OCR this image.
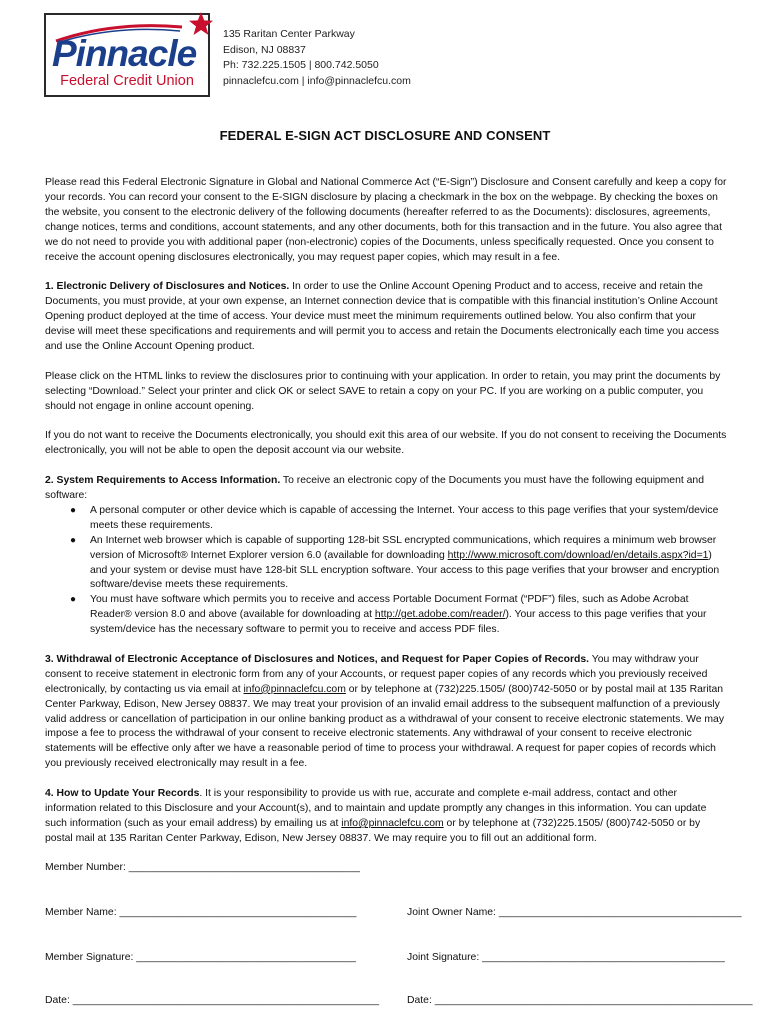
Pinnacle
Federal Credit Union
135 Raritan Center Parkway
Edison, NJ 08837
Ph: 732.225.1505 | 800.742.5050
pinnaclefcu.com | info@pinnaclefcu.com
FEDERAL E-SIGN ACT DISCLOSURE AND CONSENT

Please read this Federal Electronic Signature in Global and National Commerce Act (“E-Sign”) Disclosure and Consent carefully and keep a copy for your records. You can record your consent to the E-SIGN disclosure by placing a checkmark in the box on the webpage. By checking the boxes on the website, you consent to the electronic delivery of the following documents (hereafter referred to as the Documents): disclosures, agreements, change notices, terms and conditions, account statements, and any other documents, both for this transaction and in the future. You also agree that we do not need to provide you with additional paper (non-electronic) copies of the Documents, unless specifically requested. Once you consent to receive the account opening disclosures electronically, you may request paper copies, which may result in a fee.

1. Electronic Delivery of Disclosures and Notices. In order to use the Online Account Opening Product and to access, receive and retain the Documents, you must provide, at your own expense, an Internet connection device that is compatible with this financial institution’s Online Account Opening product deployed at the time of access. Your device must meet the minimum requirements outlined below. You also confirm that your devise will meet these specifications and requirements and will permit you to access and retain the Documents electronically each time you access and use the Online Account Opening product.

Please click on the HTML links to review the disclosures prior to continuing with your application. In order to retain, you may print the documents by selecting “Download.” Select your printer and click OK or select SAVE to retain a copy on your PC. If you are working on a public computer, you should not engage in online account opening.

If you do not want to receive the Documents electronically, you should exit this area of our website. If you do not consent to receiving the Documents electronically, you will not be able to open the deposit account via our website.

2. System Requirements to Access Information. To receive an electronic copy of the Documents you must have the following equipment and software:

● A personal computer or other device which is capable of accessing the Internet. Your access to this page verifies that your system/device meets these requirements.
● An Internet web browser which is capable of supporting 128-bit SSL encrypted communications, which requires a minimum web browser version of Microsoft® Internet Explorer version 6.0 (available for downloading http://www.microsoft.com/download/en/details.aspx?id=1) and your system or devise must have 128-bit SLL encryption software. Your access to this page verifies that your browser and encryption software/devise meets these requirements.
● You must have software which permits you to receive and access Portable Document Format (“PDF”) files, such as Adobe Acrobat Reader® version 8.0 and above (available for downloading at http://get.adobe.com/reader/). Your access to this page verifies that your system/device has the necessary software to permit you to receive and access PDF files.

3. Withdrawal of Electronic Acceptance of Disclosures and Notices, and Request for Paper Copies of Records. You may withdraw your consent to receive statement in electronic form from any of your Accounts, or request paper copies of any records which you previously received electronically, by contacting us via email at info@pinnaclefcu.com or by telephone at (732)225.1505/ (800)742-5050 or by postal mail at 135 Raritan Center Parkway, Edison, New Jersey 08837. We may treat your provision of an invalid email address to the subsequent malfunction of a previously valid address or cancellation of participation in our online banking product as a withdrawal of your consent to receive electronic statements. We may impose a fee to process the withdrawal of your consent to receive electronic statements. Any withdrawal of your consent to receive electronic statements will be effective only after we have a reasonable period of time to process your withdrawal. A request for paper copies of records which you previously received electronically may result in a fee.

4. How to Update Your Records. It is your responsibility to provide us with rue, accurate and complete e-mail address, contact and other information related to this Disclosure and your Account(s), and to maintain and update promptly any changes in this information. You can update such information (such as your email address) by emailing us at info@pinnaclefcu.com or by telephone at (732)225.1505/ (800)742-5050 or by postal mail at 135 Raritan Center Parkway, Edison, New Jersey 08837. We may require you to fill out an additional form.

Member Number: ________________________________________
Member Name: _________________________________________	Joint Owner Name: __________________________________________
Member Signature: ______________________________________	Joint Signature: __________________________________________
Date: _____________________________________________________	Date: _______________________________________________________
